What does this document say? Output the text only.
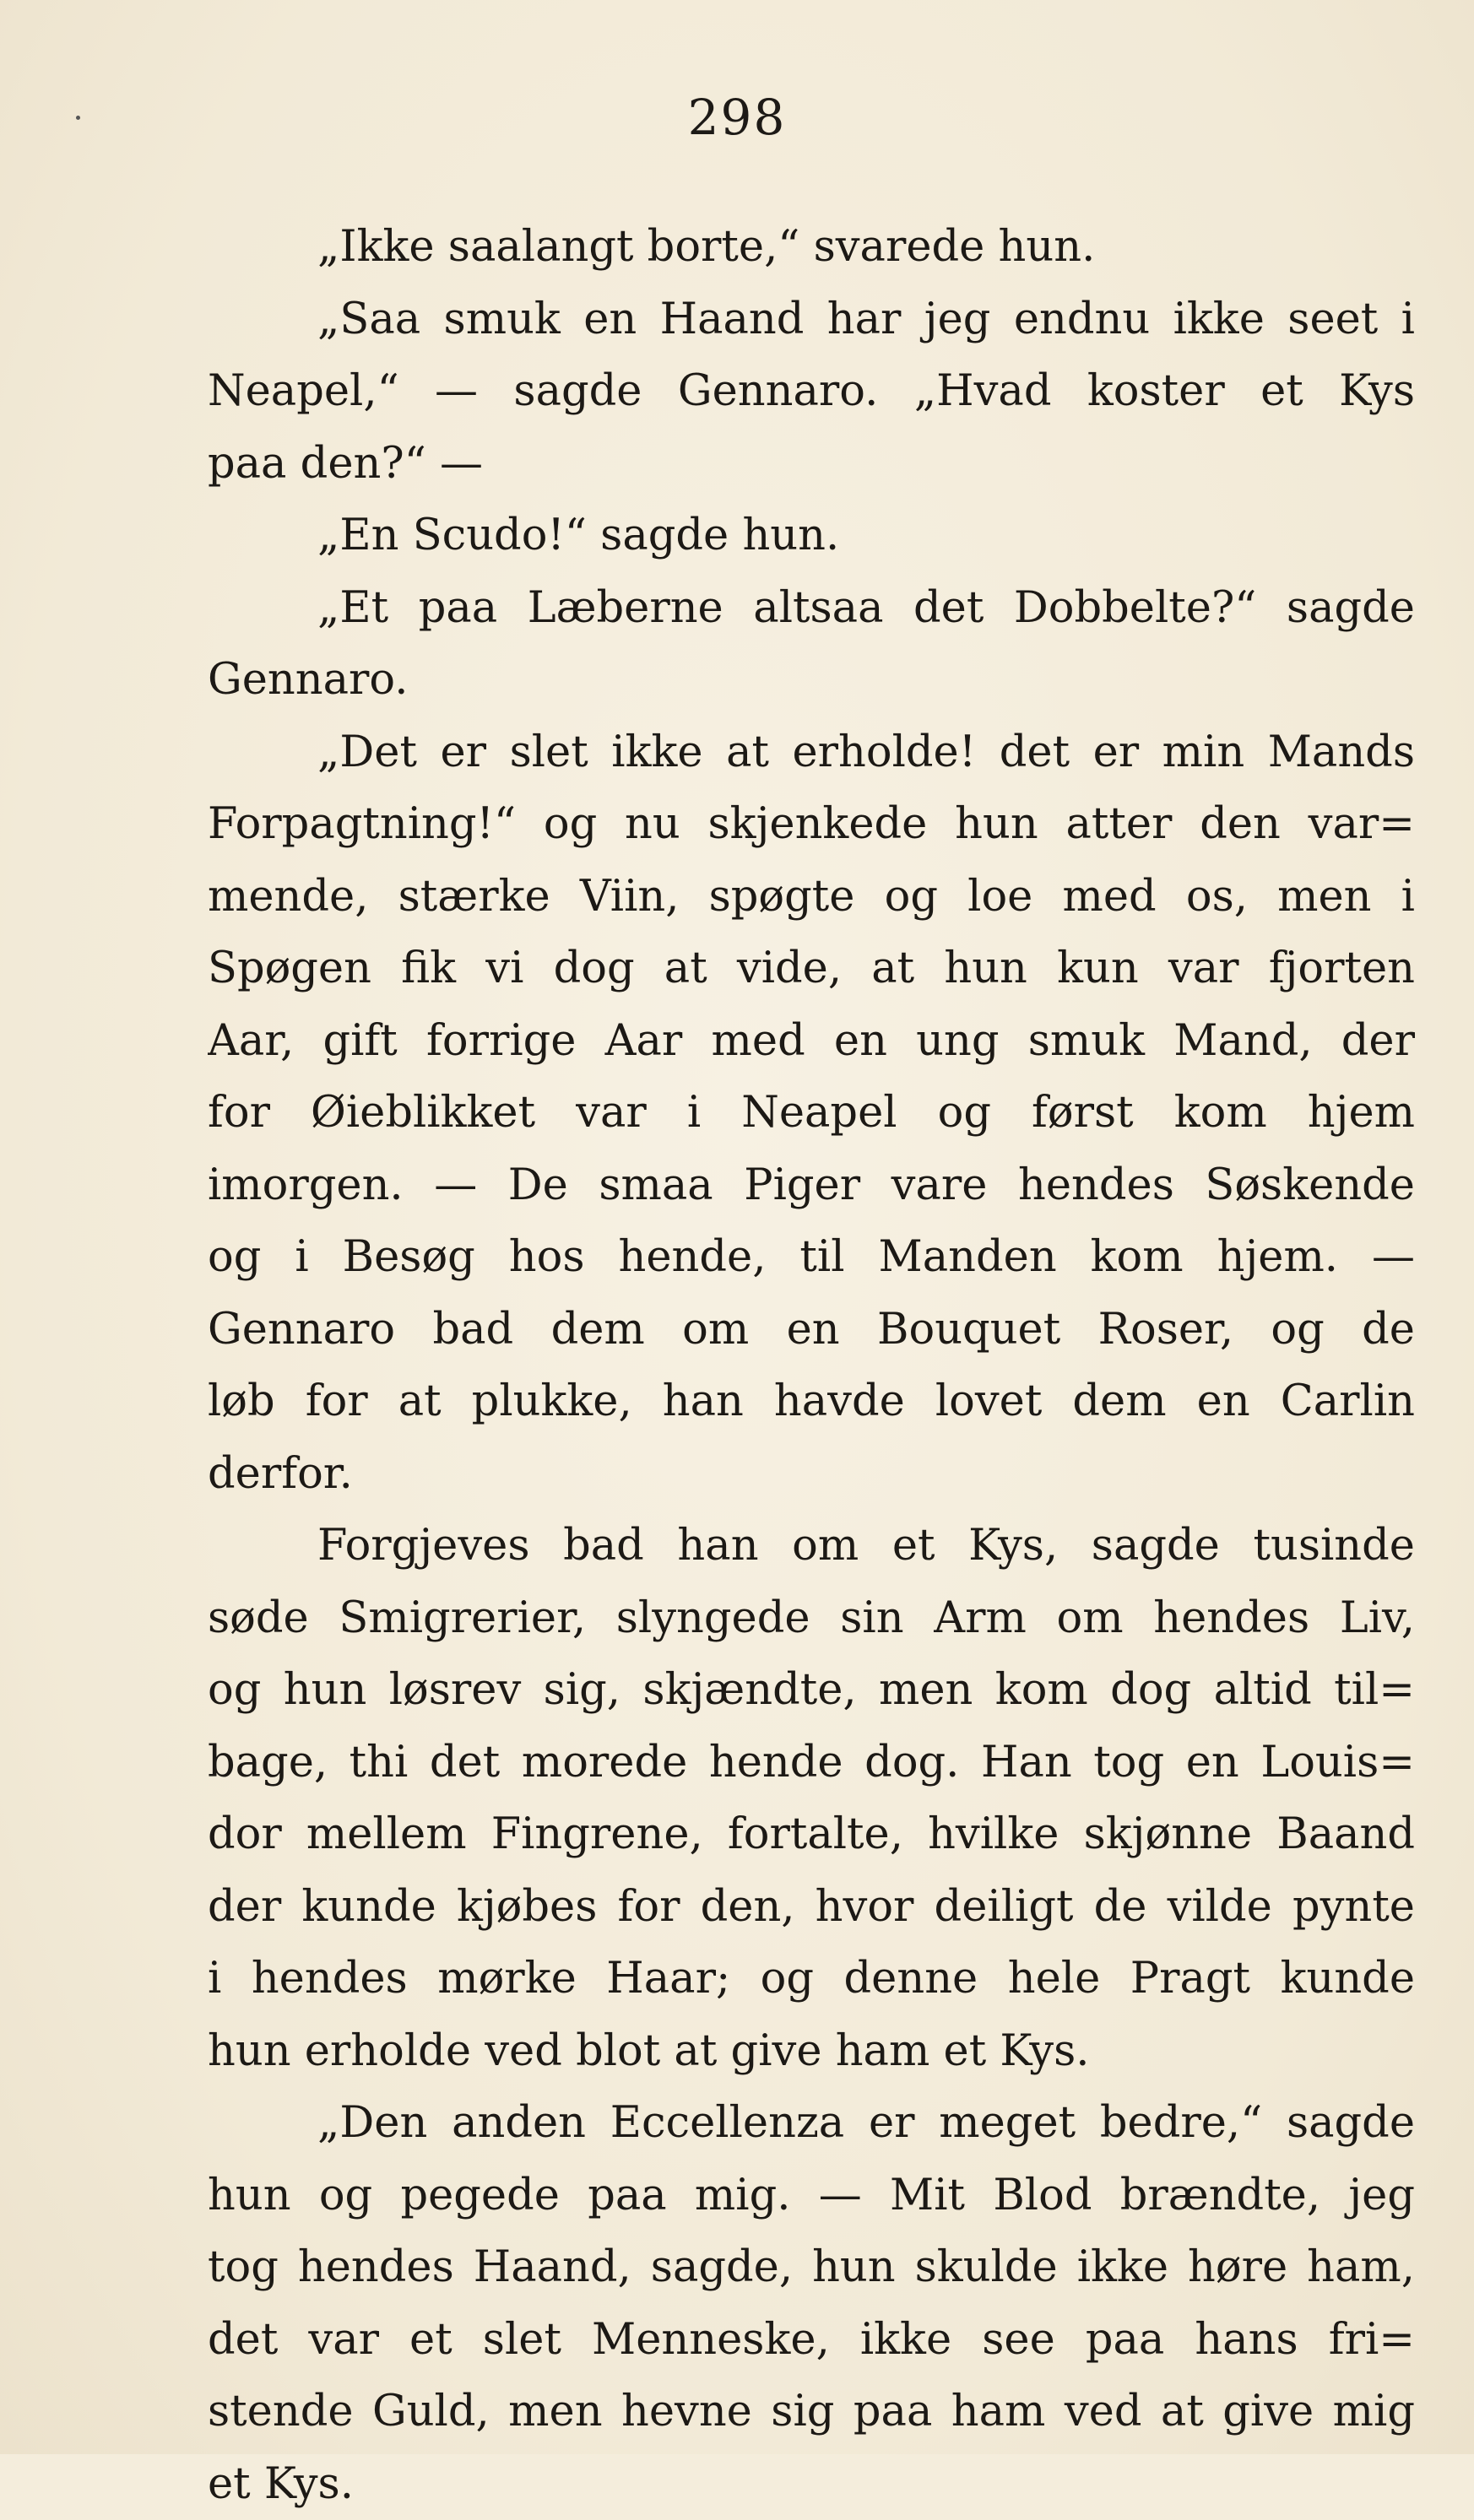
298
„Ikke saalangt borte,“ svarede hun.
„Saa smuk en Haand har jeg endnu ikke seet i
Neapel,“ — sagde Gennaro. „Hvad koster et Kys
paa den?“ —
„En Scudo!“ sagde hun.
„Et paa Læberne altsaa det Dobbelte?“ sagde
Gennaro.
„Det er slet ikke at erholde! det er min Mands
Forpagtning!“ og nu skjenkede hun atter den var=
mende, stærke Viin, spøgte og loe med os, men i
Spøgen fik vi dog at vide, at hun kun var fjorten
Aar, gift forrige Aar med en ung smuk Mand, der
for Øieblikket var i Neapel og først kom hjem
imorgen. — De smaa Piger vare hendes Søskende
og i Besøg hos hende, til Manden kom hjem. —
Gennaro bad dem om en Bouquet Roser, og de
løb for at plukke, han havde lovet dem en Carlin
derfor.
Forgjeves bad han om et Kys, sagde tusinde
søde Smigrerier, slyngede sin Arm om hendes Liv,
og hun løsrev sig, skjændte, men kom dog altid til=
bage, thi det morede hende dog. Han tog en Louis=
dor mellem Fingrene, fortalte, hvilke skjønne Baand
der kunde kjøbes for den, hvor deiligt de vilde pynte
i hendes mørke Haar; og denne hele Pragt kunde
hun erholde ved blot at give ham et Kys.
„Den anden Eccellenza er meget bedre,“ sagde
hun og pegede paa mig. — Mit Blod brændte, jeg
tog hendes Haand, sagde, hun skulde ikke høre ham,
det var et slet Menneske, ikke see paa hans fri=
stende Guld, men hevne sig paa ham ved at give mig
et Kys.
